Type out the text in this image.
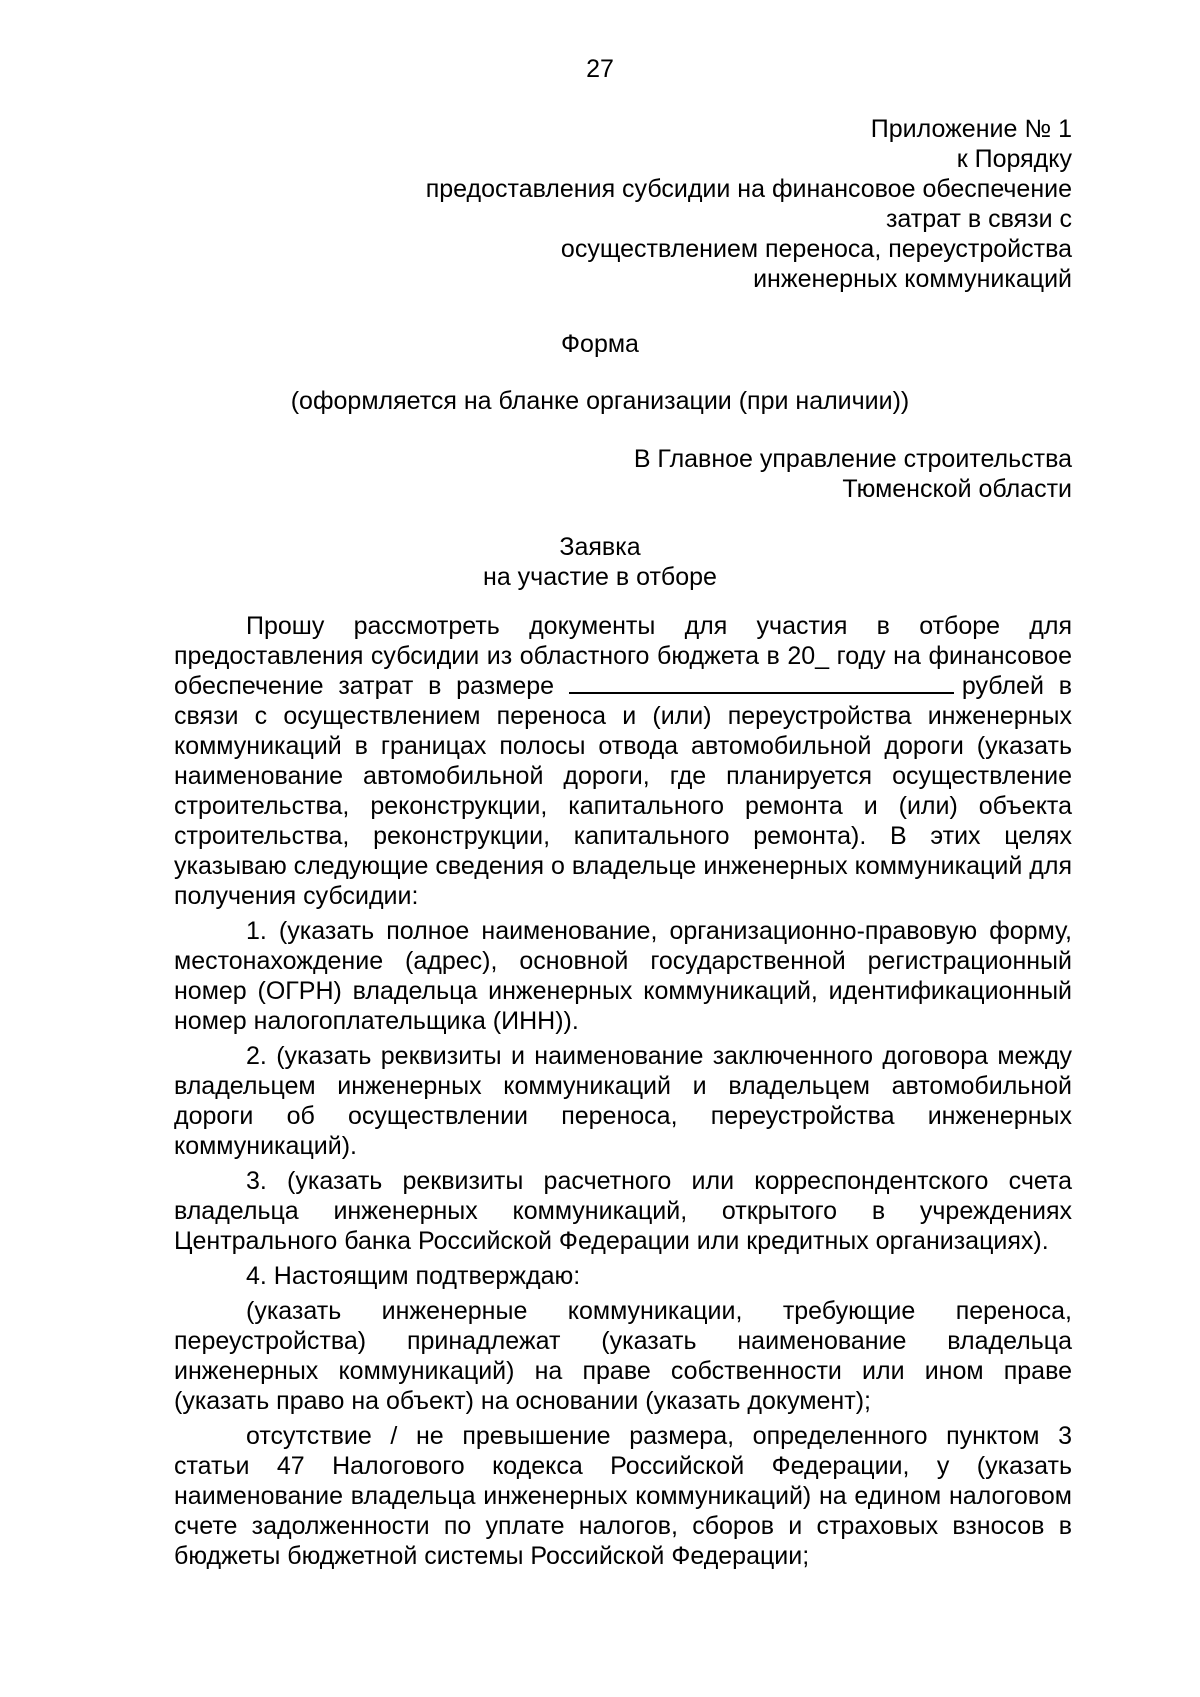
27
Приложение № 1
к Порядку
предоставления субсидии на финансовое обеспечение
затрат в связи с
осуществлением переноса, переустройства
инженерных коммуникаций
Форма
(оформляется на бланке организации (при наличии))
В Главное управление строительства
Тюменской области
Заявка
на участие в отборе

Прошу рассмотреть документы для участия в отборе для предоставления субсидии из областного бюджета в 20_ году на финансовое обеспечение затрат в размере	рублей в связи с осуществлением переноса и (или) переустройства инженерных коммуникаций в границах полосы отвода автомобильной дороги (указать наименование автомобильной дороги, где планируется осуществление строительства, реконструкции, капитального ремонта и (или) объекта строительства, реконструкции, капитального ремонта). В этих целях указываю следующие сведения о владельце инженерных коммуникаций для получения субсидии:

1. (указать полное наименование, организационно-правовую форму, местонахождение (адрес), основной государственной регистрационный номер (ОГРН) владельца инженерных коммуникаций, идентификационный номер налогоплательщика (ИНН)).

2. (указать реквизиты и наименование заключенного договора между владельцем инженерных коммуникаций и владельцем автомобильной дороги об осуществлении переноса, переустройства инженерных коммуникаций).

3. (указать реквизиты расчетного или корреспондентского счета владельца инженерных коммуникаций, открытого в учреждениях Центрального банка Российской Федерации или кредитных организациях).

4. Настоящим подтверждаю:

(указать инженерные коммуникации, требующие переноса, переустройства) принадлежат (указать наименование владельца инженерных коммуникаций) на праве собственности или ином праве (указать право на объект) на основании (указать документ);

отсутствие / не превышение размера, определенного пунктом 3 статьи 47 Налогового кодекса Российской Федерации, у (указать наименование владельца инженерных коммуникаций) на едином налоговом счете задолженности по уплате налогов, сборов и страховых взносов в бюджеты бюджетной системы Российской Федерации;
